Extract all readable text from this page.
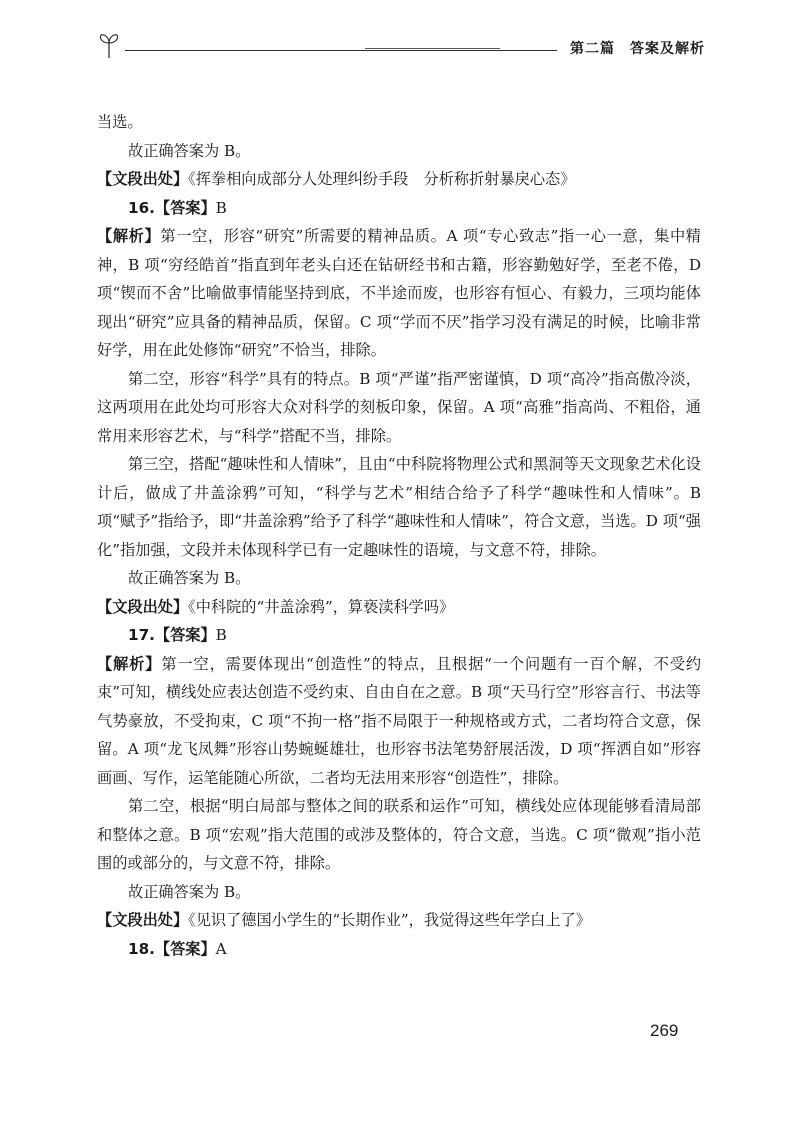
第二篇　答案及解析

当选。

故正确答案为 B。

【文段出处】《挥拳相向成部分人处理纠纷手段　分析称折射暴戾心态》

16.【答案】B

【解析】第一空，形容“研究”所需要的精神品质。A 项“专心致志”指一心一意，集中精神，B 项“穷经皓首”指直到年老头白还在钻研经书和古籍，形容勤勉好学，至老不倦，D 项“锲而不舍”比喻做事情能坚持到底，不半途而废，也形容有恒心、有毅力，三项均能体现出“研究”应具备的精神品质，保留。C 项“学而不厌”指学习没有满足的时候，比喻非常好学，用在此处修饰“研究”不恰当，排除。

第二空，形容“科学”具有的特点。B 项“严谨”指严密谨慎，D 项“高冷”指高傲冷淡，这两项用在此处均可形容大众对科学的刻板印象，保留。A 项“高雅”指高尚、不粗俗，通常用来形容艺术，与“科学”搭配不当，排除。

第三空，搭配“趣味性和人情味”，且由“中科院将物理公式和黑洞等天文现象艺术化设计后，做成了井盖涂鸦”可知，“科学与艺术”相结合给予了科学“趣味性和人情味”。B 项“赋予”指给予，即“井盖涂鸦”给予了科学“趣味性和人情味”，符合文意，当选。D 项“强化”指加强，文段并未体现科学已有一定趣味性的语境，与文意不符，排除。

故正确答案为 B。

【文段出处】《中科院的“井盖涂鸦”，算亵渎科学吗》

17.【答案】B

【解析】第一空，需要体现出“创造性”的特点，且根据“一个问题有一百个解，不受约束”可知，横线处应表达创造不受约束、自由自在之意。B 项“天马行空”形容言行、书法等气势豪放，不受拘束，C 项“不拘一格”指不局限于一种规格或方式，二者均符合文意，保留。A 项“龙飞凤舞”形容山势蜿蜒雄壮，也形容书法笔势舒展活泼，D 项“挥洒自如”形容画画、写作，运笔能随心所欲，二者均无法用来形容“创造性”，排除。

第二空，根据“明白局部与整体之间的联系和运作”可知，横线处应体现能够看清局部和整体之意。B 项“宏观”指大范围的或涉及整体的，符合文意，当选。C 项“微观”指小范围的或部分的，与文意不符，排除。

故正确答案为 B。

【文段出处】《见识了德国小学生的“长期作业”，我觉得这些年学白上了》

18.【答案】A

269
